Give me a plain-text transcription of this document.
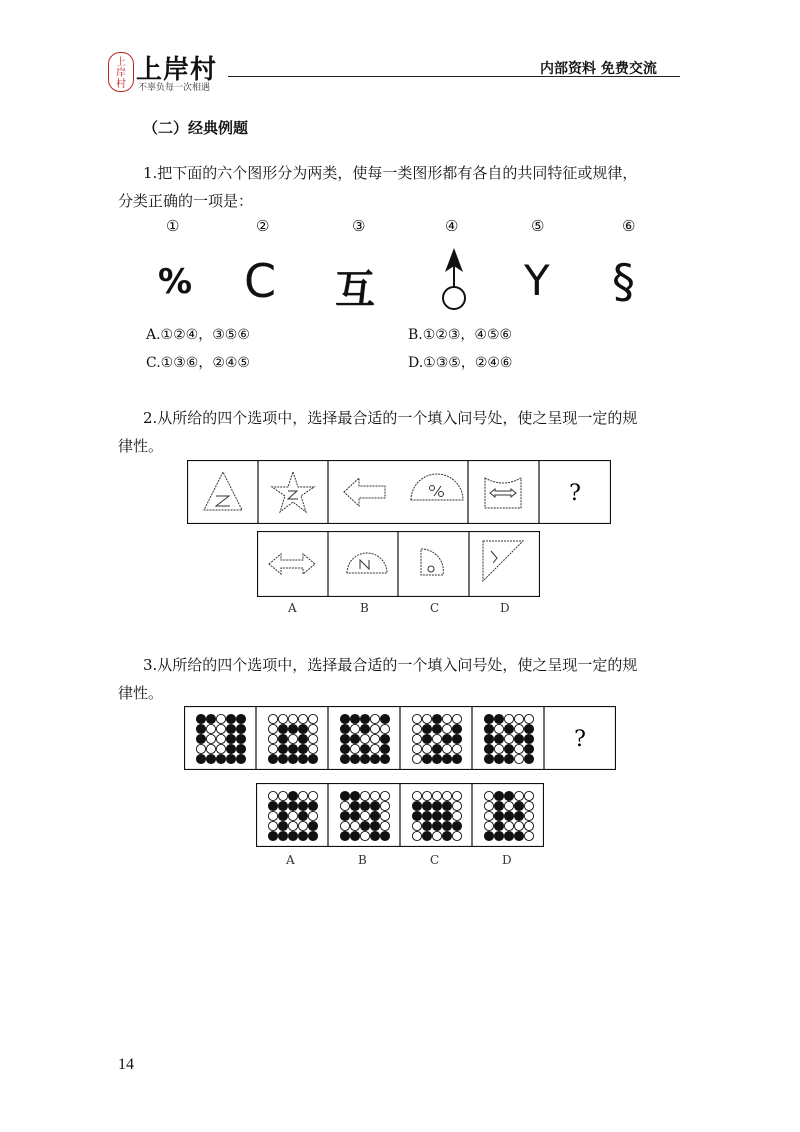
上岸村 上岸村
不辜负每一次相遇
内部资料 免费交流
（二）经典例题
1.把下面的六个图形分为两类，使每一类图形都有各自的共同特征或规律，
分类正确的一项是：
①	②	③	④	⑤	⑥
% C 互	Y §
A.①②④，③⑤⑥	B.①②③，④⑤⑥
C.①③⑥，②④⑤	D.①③⑤，②④⑥
2.从所给的四个选项中，选择最合适的一个填入问号处，使之呈现一定的规
律性。
?
A	B	C	D
3.从所给的四个选项中，选择最合适的一个填入问号处，使之呈现一定的规
律性。
?
A	B	C	D
14
